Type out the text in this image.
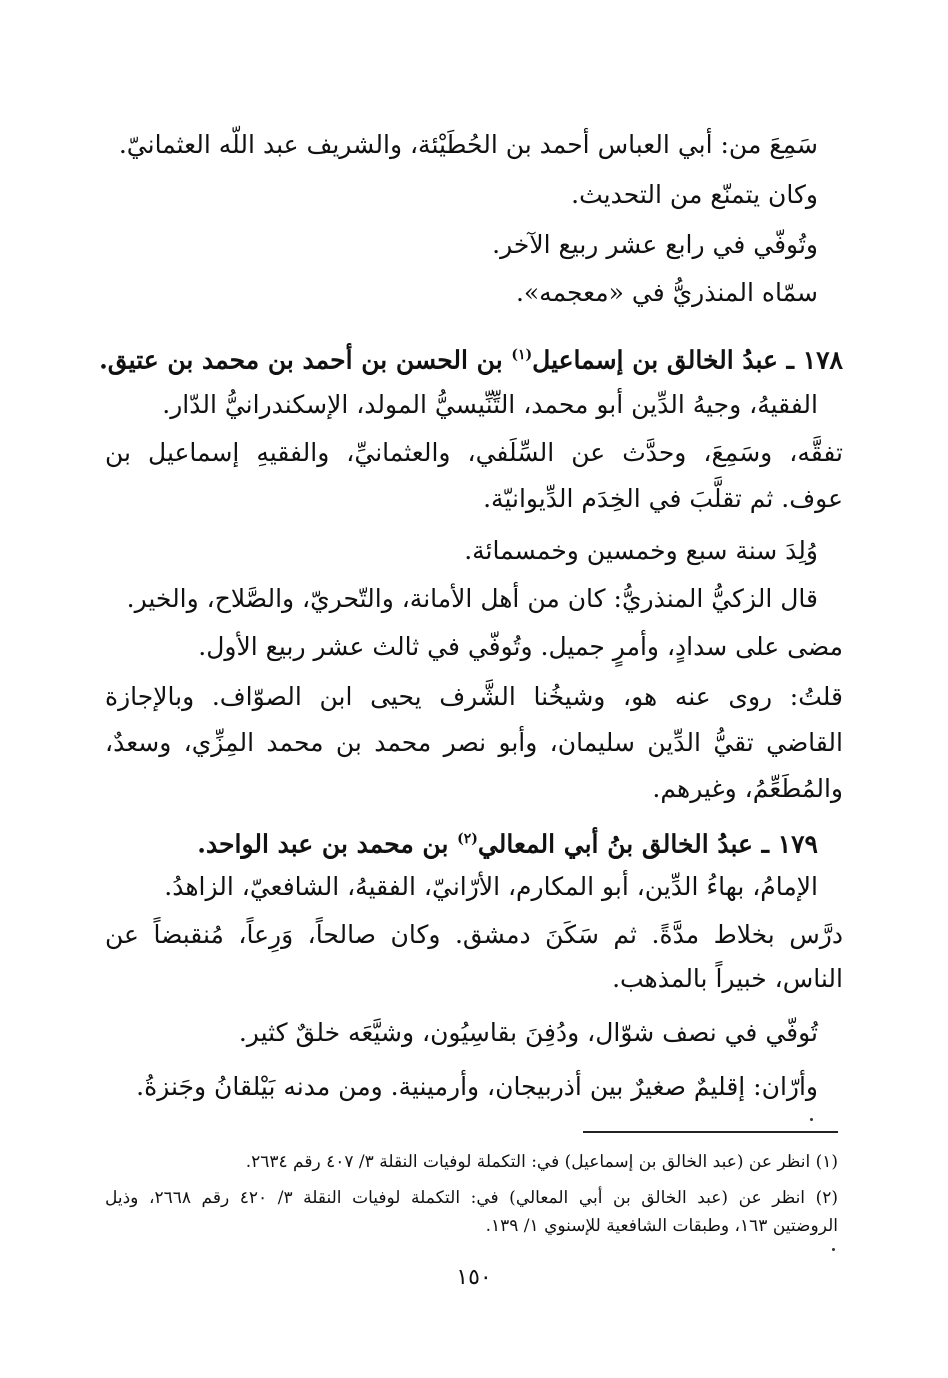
سَمِعَ من: أبي العباس أحمد بن الحُطَيْئة، والشريف عبد اللّه العثمانيّ.
وكان يتمنّع من التحديث.
وتُوفّي في رابع عشر ربيع الآخر.
سمّاه المنذريُّ في «معجمه».
١٧٨ ـ عبدُ الخالق بن إسماعيل$^{(١)}$ بن الحسن بن أحمد بن محمد بن عتيق.
الفقيهُ، وجيهُ الدِّين أبو محمد، التِّنِّيسيُّ المولد، الإسكندرانيُّ الدّار.
تفقَّه، وسَمِعَ، وحدَّث عن السِّلَفي، والعثمانيِّ، والفقيهِ إسماعيل بن
عوف. ثم تقلَّبَ في الخِدَم الدِّيوانيّة.
وُلِدَ سنة سبع وخمسين وخمسمائة.
قال الزكيُّ المنذريُّ: كان من أهل الأمانة، والتّحريّ، والصَّلاح، والخير.
مضى على سدادٍ، وأمرٍ جميل. وتُوفّي في ثالث عشر ربيع الأول.
قلتُ: روى عنه هو، وشيخُنا الشَّرف يحيى ابن الصوّاف. وبالإجازة
القاضي تقيُّ الدِّين سليمان، وأبو نصر محمد بن محمد المِزِّي، وسعدٌ،
والمُطَعِّمُ، وغيرهم.
١٧٩ ـ عبدُ الخالق بنُ أبي المعالي$^{(٢)}$ بن محمد بن عبد الواحد.
الإمامُ، بهاءُ الدِّين، أبو المكارم، الأرّانيّ، الفقيهُ، الشافعيّ، الزاهدُ.
درَّس بخلاط مدَّةً. ثم سَكَنَ دمشق. وكان صالحاً، وَرِعاً، مُنقبضاً عن
الناس، خبيراً بالمذهب.
تُوفّي في نصف شوّال، ودُفِنَ بقاسِيُون، وشيَّعَه خلقٌ كثير.
وأرّان: إقليمٌ صغيرٌ بين أذربيجان، وأرمينية. ومن مدنه بَيْلقانُ وجَنزةُ.
(١) انظر عن (عبد الخالق بن إسماعيل) في: التكملة لوفيات النقلة ٣/ ٤٠٧ رقم ٢٦٣٤.
(٢) انظر عن (عبد الخالق بن أبي المعالي) في: التكملة لوفيات النقلة ٣/ ٤٢٠ رقم ٢٦٦٨، وذيل
الروضتين ١٦٣، وطبقات الشافعية للإسنوي ١/ ١٣٩.
١٥٠
